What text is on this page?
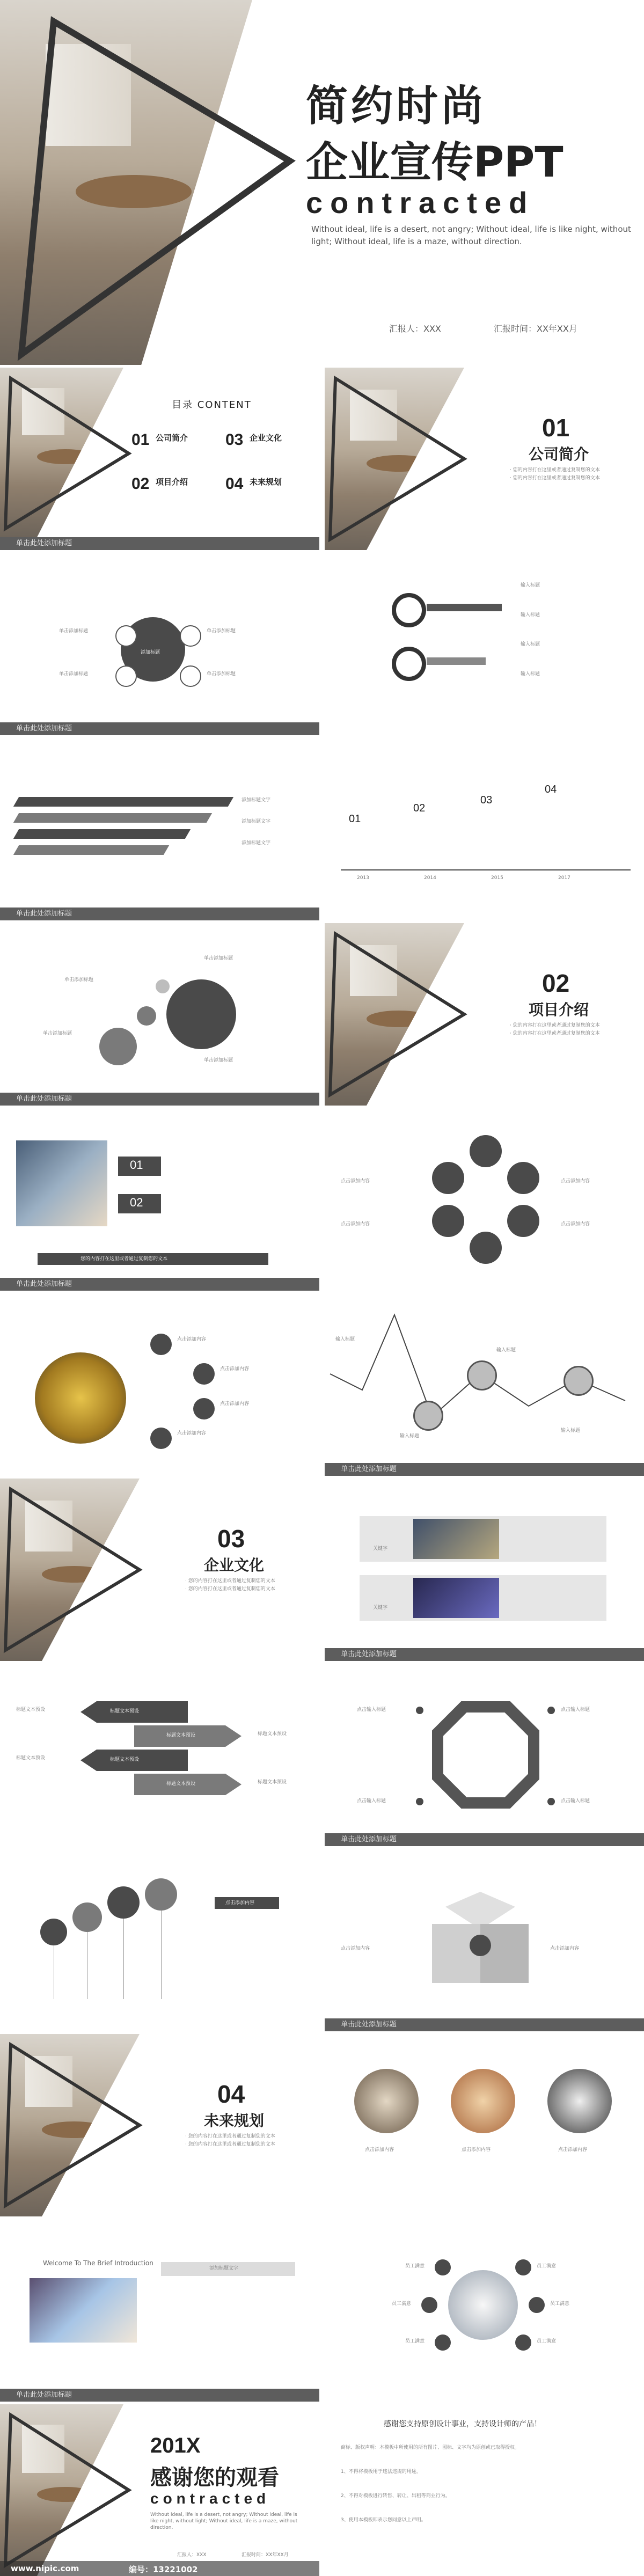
简约时尚
企业宣传PPT
contracted
Without ideal, life is a desert, not angry; Without ideal, life is like night, without
light; Without ideal, life is a maze, without direction.
汇报人：XXX	汇报时间：XX年XX月
目录 CONTENT
01 公司简介 03 企业文化
02 项目介绍 04 未来规划
单击此处添加标题
01
公司简介
· 您的内容打在这里或者通过复制您的文本
· 您的内容打在这里或者通过复制您的文本
添加标题
单击添加标题	单击添加标题
单击添加标题	单击添加标题
单击此处添加标题
输入标题
输入标题
输入标题
输入标题
添加标题文字
添加标题文字
添加标题文字
单击此处添加标题
01
02
03
04
2013	2014	2015	2017
单击添加标题
单击添加标题
单击添加标题
单击添加标题
单击此处添加标题
02
项目介绍
· 您的内容打在这里或者通过复制您的文本
· 您的内容打在这里或者通过复制您的文本
01
02
您的内容打在这里或者通过复制您的文本
单击此处添加标题
点击添加内容	点击添加内容
点击添加内容	点击添加内容
点击添加内容
点击添加内容
点击添加内容
点击添加内容
输入标题
输入标题
输入标题
输入标题
单击此处添加标题
03
企业文化
· 您的内容打在这里或者通过复制您的文本
· 您的内容打在这里或者通过复制您的文本
关键字
关键字
单击此处添加标题
标题文本预设
标题文本预设
标题文本预设
标题文本预设
标题文本预设
标题文本预设
标题文本预设
标题文本预设
点击输入标题	点击输入标题
点击输入标题	点击输入标题
单击此处添加标题
点击添加内容
点击添加内容	点击添加内容
单击此处添加标题
04
未来规划
· 您的内容打在这里或者通过复制您的文本
· 您的内容打在这里或者通过复制您的文本
点击添加内容	点击添加内容	点击添加内容
Welcome To The Brief Introduction
添加标题文字
单击此处添加标题
员工满意	员工满意
员工满意	员工满意
员工满意	员工满意
201X
感谢您的观看
contracted
Without ideal, life is a desert, not angry; Without ideal, life is like night, without light; Without ideal, life is a maze, without direction.
汇报人：XXX	汇报时间：XX年XX月
www.nipic.com	编号：13221002
感谢您支持原创设计事业，支持设计师的产品！
商标、版权声明：本模板中所使用的所有图片、图标、文字均为原创或已取得授权。
1、不得将模板用于违法违规的用途。
2、不得对模板进行转售、转让、出租等商业行为。
3、使用本模板即表示您同意以上声明。
